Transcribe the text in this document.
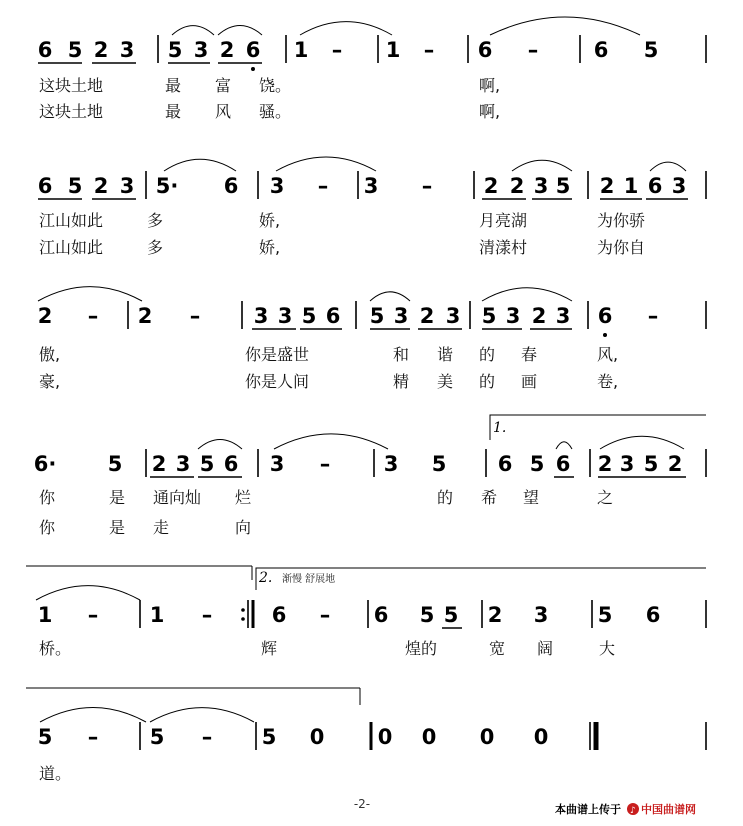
6 5 2 3 5 3 2 6 1 – 1 – 6 –	6 5
6 5 2 3 5· 6 3 – 3 – 2 2 3 5 2 1 6 3
2 – 2 –	3 3 5 6 5 3 2 3 5 3 2 3 6 –
6· 5 2 3 5 6 3 –	3 5 6 5 6 2 3 5 2
1 – 1 –	6 – 6 5 5 2 3 5 6
5 – 5 – 5 0	0 0 0 0
这块土地	最 富 饶。	啊,
这块土地	最 风 骚。	啊,
江山如此	多	娇,	月亮湖	为你骄
江山如此	多	娇,	清漾村	为你自
傲,	你是盛世	和 谐 的 春	风,
豪,	你是人间	精 美 的 画	卷,
你	是 通向灿 烂	的 希 望	之
你	是 走	向
桥。	辉	煌的	宽 阔	大
道。
1.
2. 渐慢 舒展地
-2-	本曲谱上传于 ♪ 中国曲谱网
